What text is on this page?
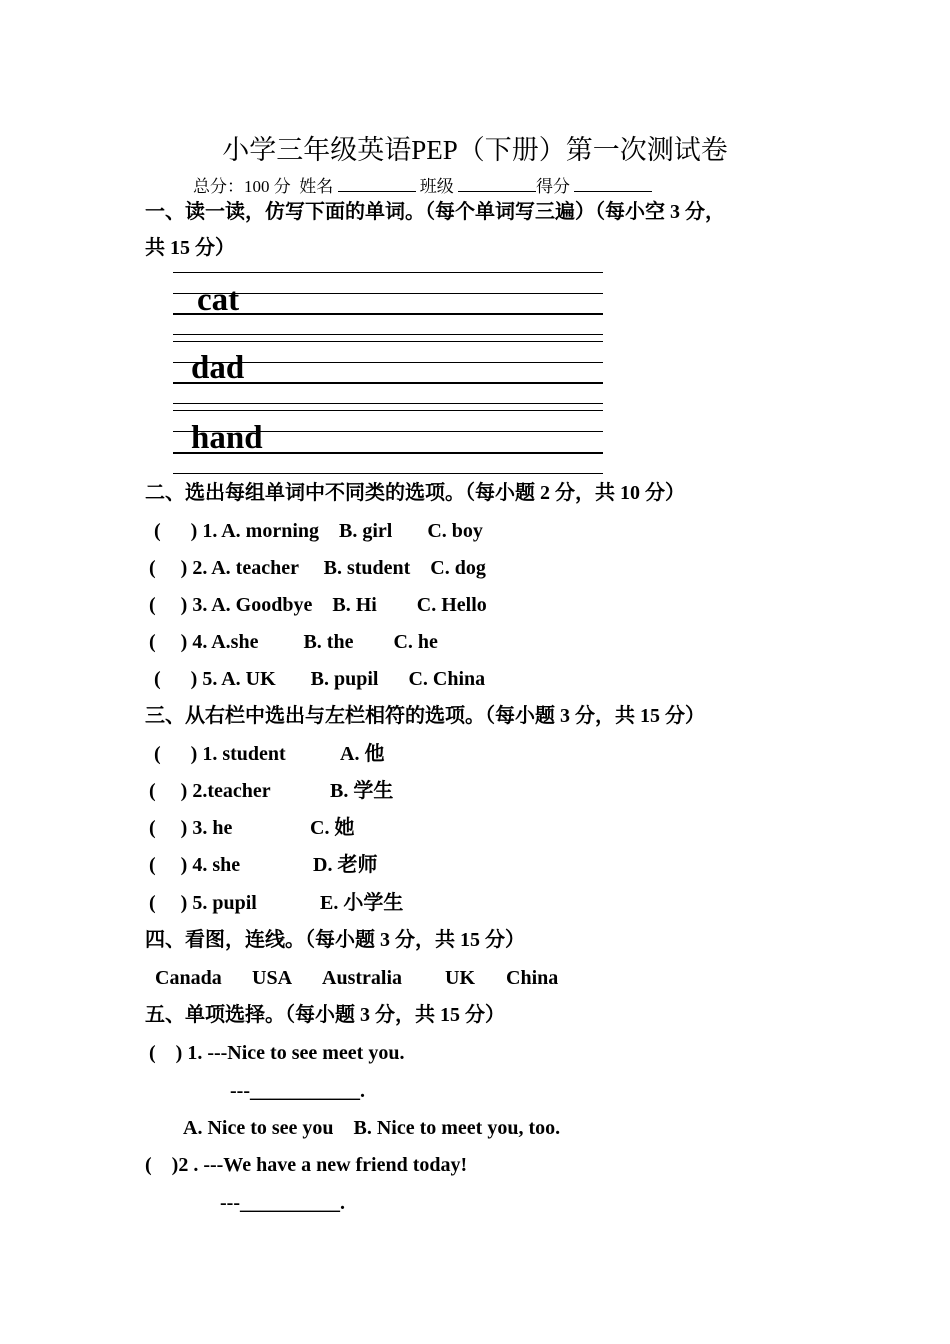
小学三年级英语PEP（下册）第一次测试卷
总分：100 分 姓名	班级	得分
一、读一读，仿写下面的单词。（每个单词写三遍）（每小空 3 分，
共 15 分）
cat
dad
hand
二、选出每组单词中不同类的选项。（每小题 2 分，共 10 分）
(      ) 1. A. morning    B. girl       C. boy
(     ) 2. A. teacher     B. student    C. dog
(     ) 3. A. Goodbye    B. Hi        C. Hello
(     ) 4. A.she         B. the        C. he
(      ) 5. A. UK       B. pupil      C. China
三、从右栏中选出与左栏相符的选项。（每小题 3 分，共 15 分）
(      ) 1. student	A. 他
(     ) 2.teacher	B. 学生
(     ) 3. he	C. 她
(     ) 4. she	D. 老师
(     ) 5. pupil	E. 小学生
四、看图，连线。（每小题 3 分，共 15 分）
Canada USA Australia UK China
五、单项选择。（每小题 3 分，共 15 分）
(    ) 1. ---Nice to see meet you.
---___________.
A. Nice to see you    B. Nice to meet you, too.
(    )2 . ---We have a new friend today!
---__________.
